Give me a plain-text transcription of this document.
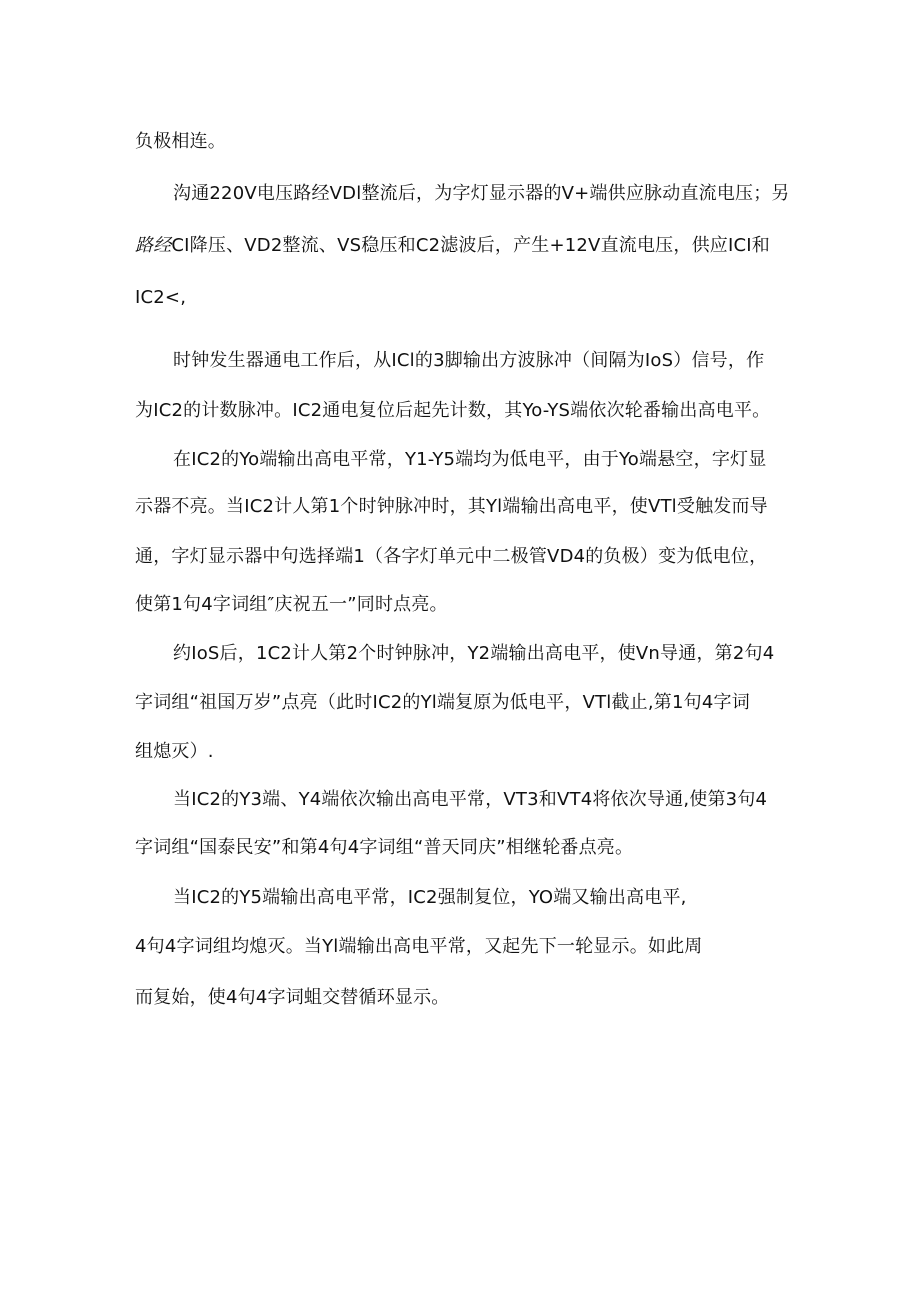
负极相连。
沟通220V电压路经VDl整流后，为字灯显示器的V+端供应脉动直流电压；另
路经CI降压、VD2整流、VS稳压和C2滤波后，产生+12V直流电压，供应ICI和
IC2<,
时钟发生器通电工作后，从ICl的3脚输出方波脉冲（间隔为IoS）信号，作
为IC2的计数脉冲。IC2通电复位后起先计数，其Yo-YS端依次轮番输出高电平。
在IC2的Yo端输出高电平常，Y1-Y5端均为低电平，由于Yo端悬空，字灯显
示器不亮。当IC2计人第1个时钟脉冲时，其Yl端输出高电平，使VTl受触发而导
通，字灯显示器中句选择端1（各字灯单元中二极管VD4的负极）变为低电位，
使第1句4字词组″庆祝五一”同时点亮。
约IoS后，1C2计人第2个时钟脉冲，Y2端输出高电平，使Vn导通，第2句4
字词组“祖国万岁”点亮（此时IC2的Yl端复原为低电平，VTl截止,第1句4字词
组熄灭）.
当IC2的Y3端、Y4端依次输出高电平常，VT3和VT4将依次导通,使第3句4
字词组“国泰民安”和第4句4字词组“普天同庆”相继轮番点亮。
当IC2的Y5端输出高电平常，IC2强制复位，YO端又输出高电平,
4句4字词组均熄灭。当Yl端输出高电平常，又起先下一轮显示。如此周
而复始，使4句4字词蛆交替循环显示。
